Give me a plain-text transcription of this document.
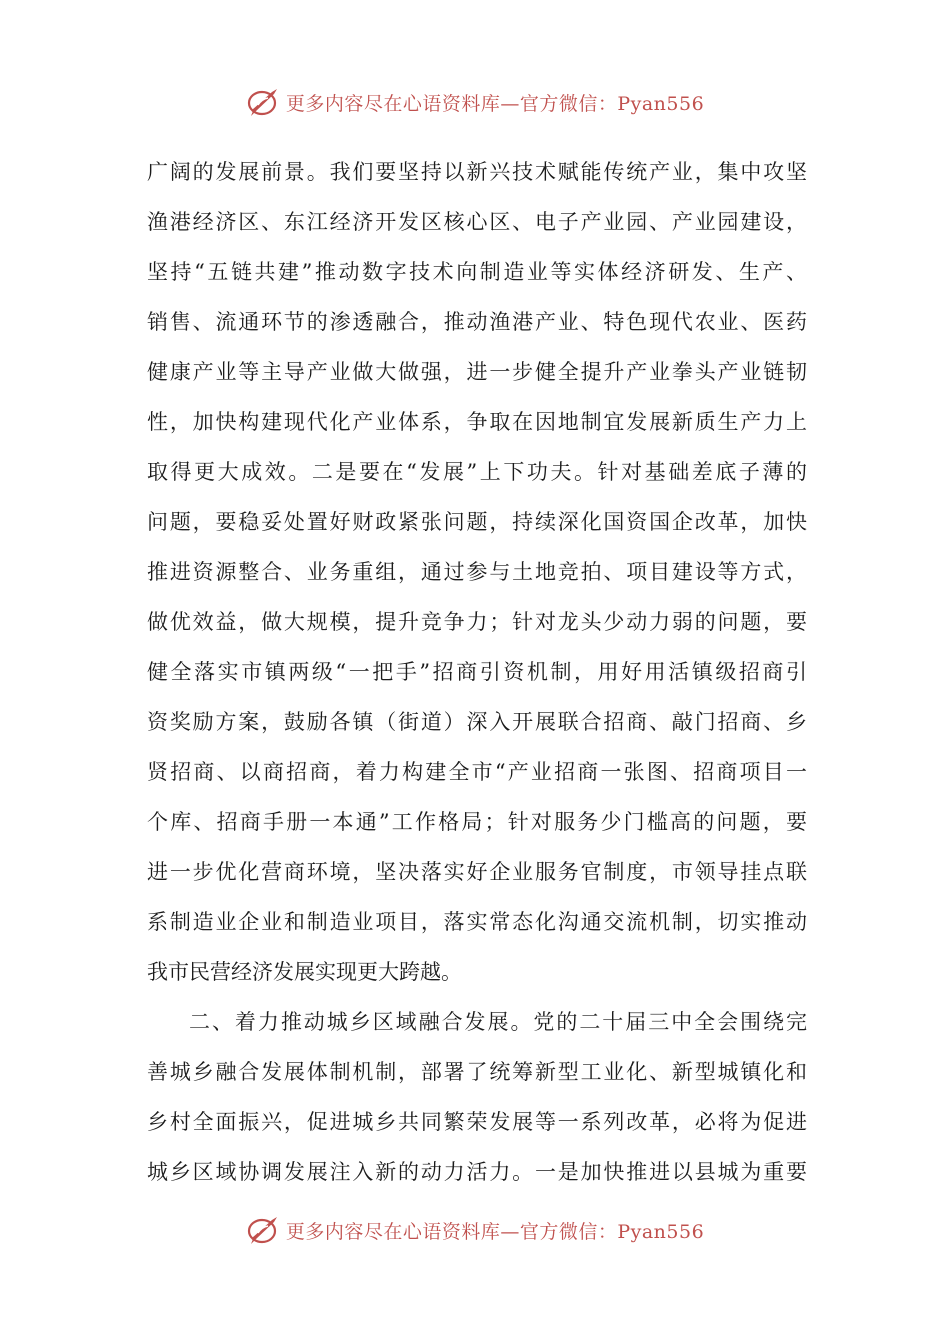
更多内容尽在心语资料库—官方微信：Pyan556
广阔的发展前景。我们要坚持以新兴技术赋能传统产业，集中攻坚
渔港经济区、东江经济开发区核心区、电子产业园、产业园建设，
坚持“五链共建”推动数字技术向制造业等实体经济研发、生产、
销售、流通环节的渗透融合，推动渔港产业、特色现代农业、医药
健康产业等主导产业做大做强，进一步健全提升产业拳头产业链韧
性，加快构建现代化产业体系，争取在因地制宜发展新质生产力上
取得更大成效。二是要在“发展”上下功夫。针对基础差底子薄的
问题，要稳妥处置好财政紧张问题，持续深化国资国企改革，加快
推进资源整合、业务重组，通过参与土地竞拍、项目建设等方式，
做优效益，做大规模，提升竞争力；针对龙头少动力弱的问题，要
健全落实市镇两级“一把手”招商引资机制，用好用活镇级招商引
资奖励方案，鼓励各镇（街道）深入开展联合招商、敲门招商、乡
贤招商、以商招商，着力构建全市“产业招商一张图、招商项目一
个库、招商手册一本通”工作格局；针对服务少门槛高的问题，要
进一步优化营商环境，坚决落实好企业服务官制度，市领导挂点联
系制造业企业和制造业项目，落实常态化沟通交流机制，切实推动
我市民营经济发展实现更大跨越。
二、着力推动城乡区域融合发展。党的二十届三中全会围绕完
善城乡融合发展体制机制，部署了统筹新型工业化、新型城镇化和
乡村全面振兴，促进城乡共同繁荣发展等一系列改革，必将为促进
城乡区域协调发展注入新的动力活力。一是加快推进以县城为重要
更多内容尽在心语资料库—官方微信：Pyan556
